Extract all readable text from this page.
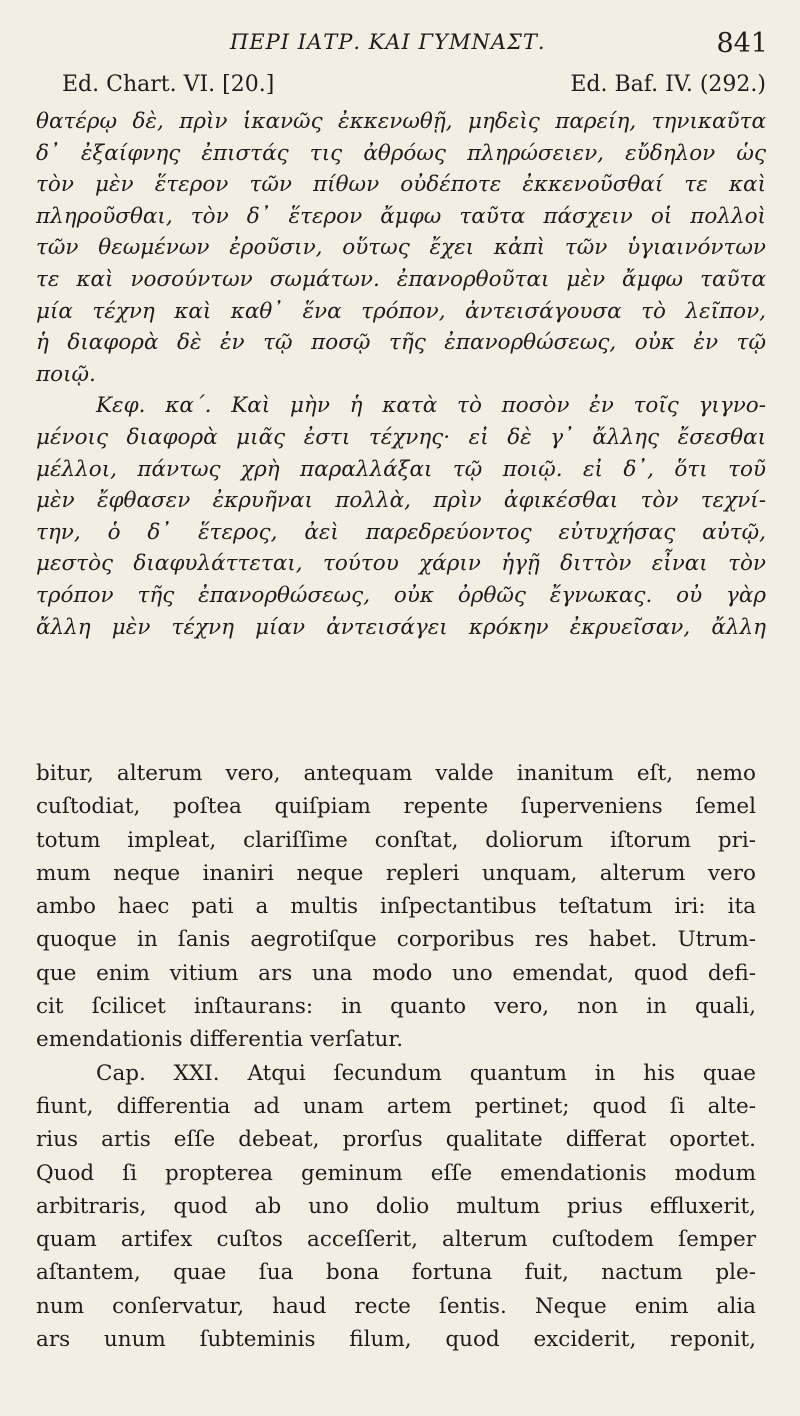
ΠΕΡΙ ΙΑΤΡ. ΚΑΙ ΓΥΜΝΑΣΤ.	841
Ed. Chart. VI. [20.]	Ed. Baf. IV. (292.)
θατέρῳ δὲ, πρὶν ἱκανῶς ἐκκενωθῇ, μηδεὶς παρείη, τηνικαῦτα
δ᾽ ἐξαίφνης ἐπιστάς τις ἀθρόως πληρώσειεν, εὔδηλον ὡς
τὸν μὲν ἕτερον τῶν πίθων οὐδέποτε ἐκκενοῦσθαί τε καὶ
πληροῦσθαι, τὸν δ᾽ ἕτερον ἄμφω ταῦτα πάσχειν οἱ πολλοὶ
τῶν θεωμένων ἐροῦσιν, οὕτως ἔχει κἀπὶ τῶν ὑγιαινόντων
τε καὶ νοσούντων σωμάτων. ἐπανορθοῦται μὲν ἄμφω ταῦτα
μία τέχνη καὶ καθ᾽ ἕνα τρόπον, ἀντεισάγουσα τὸ λεῖπον,
ἡ διαφορὰ δὲ ἐν τῷ ποσῷ τῆς ἐπανορθώσεως, οὐκ ἐν τῷ
ποιῷ.
Κεφ. κα΄. Καὶ μὴν ἡ κατὰ τὸ ποσὸν ἐν τοῖς γιγνο-
μένοις διαφορὰ μιᾶς ἐστι τέχνης· εἰ δὲ γ᾽ ἄλλης ἔσεσθαι
μέλλοι, πάντως χρὴ παραλλάξαι τῷ ποιῷ. εἰ δ᾽, ὅτι τοῦ
μὲν ἔφθασεν ἐκρυῆναι πολλὰ, πρὶν ἀφικέσθαι τὸν τεχνί-
την, ὁ δ᾽ ἕτερος, ἀεὶ παρεδρεύοντος εὐτυχήσας αὐτῷ,
μεστὸς διαφυλάττεται, τούτου χάριν ἡγῇ διττὸν εἶναι τὸν
τρόπον τῆς ἐπανορθώσεως, οὐκ ὀρθῶς ἔγνωκας. οὐ γὰρ
ἄλλη μὲν τέχνη μίαν ἀντεισάγει κρόκην ἐκρυεῖσαν, ἄλλη
bitur, alterum vero, antequam valde inanitum eſt, nemo
cuſtodiat, poſtea quiſpiam repente ſuperveniens ſemel
totum impleat, clariſſime conſtat, doliorum iſtorum pri-
mum neque inaniri neque repleri unquam, alterum vero
ambo haec pati a multis inſpectantibus teſtatum iri: ita
quoque in ſanis aegrotiſque corporibus res habet. Utrum-
que enim vitium ars una modo uno emendat, quod defi-
cit ſcilicet inſtaurans: in quanto vero, non in quali,
emendationis differentia verſatur.
Cap. XXI. Atqui ſecundum quantum in his quae
fiunt, differentia ad unam artem pertinet; quod ſi alte-
rius artis eſſe debeat, prorſus qualitate differat oportet.
Quod ſi propterea geminum eſſe emendationis modum
arbitraris, quod ab uno dolio multum prius effluxerit,
quam artifex cuſtos acceſſerit, alterum cuſtodem ſemper
aſtantem, quae ſua bona fortuna fuit, nactum ple-
num conſervatur, haud recte ſentis. Neque enim alia
ars unum ſubteminis filum, quod exciderit, reponit,
